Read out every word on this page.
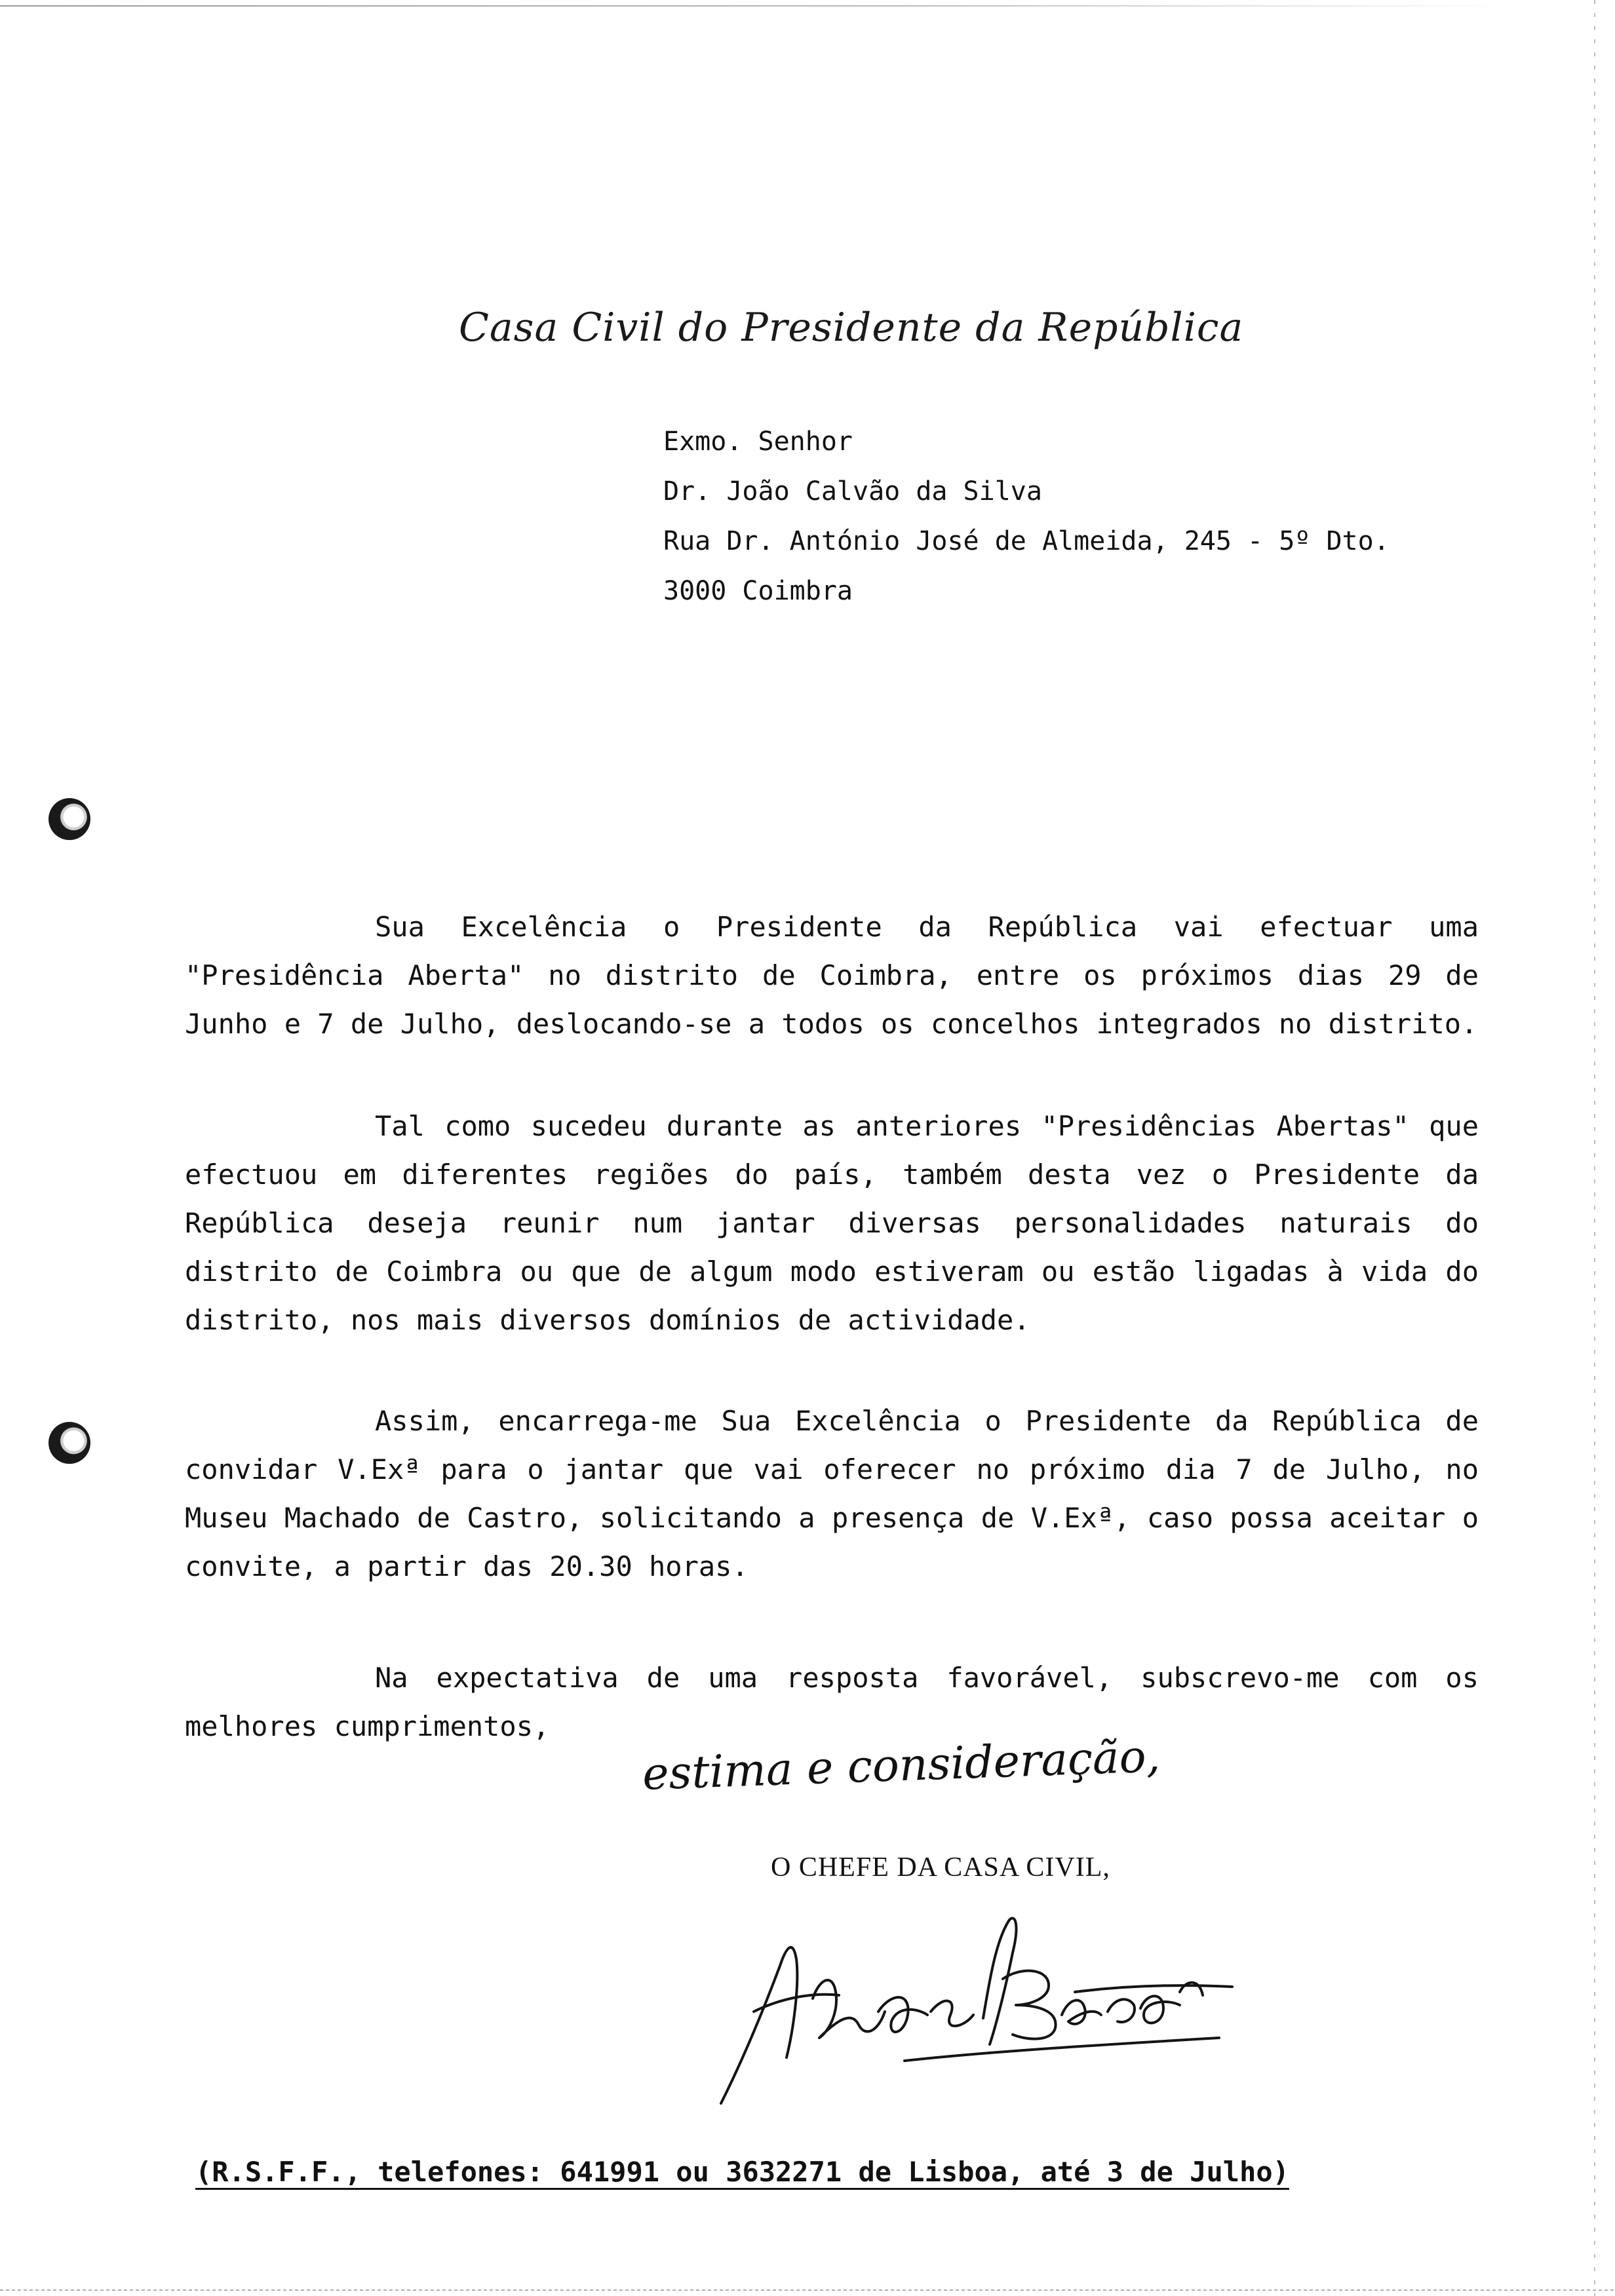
Casa Civil do Presidente da República
Exmo. Senhor
Dr. João Calvão da Silva
Rua Dr. António José de Almeida, 245 - 5º Dto.
3000 Coimbra

Sua Excelência o Presidente da República vai efectuar uma "Presidência Aberta" no distrito de Coimbra, entre os próximos dias 29 de Junho e 7 de Julho, deslocando-se a todos os concelhos integrados no distrito.

Tal como sucedeu durante as anteriores "Presidências Abertas" que efectuou em diferentes regiões do país, também desta vez o Presidente da República deseja reunir num jantar diversas personalidades naturais do distrito de Coimbra ou que de algum modo estiveram ou estão ligadas à vida do distrito, nos mais diversos domínios de actividade.

Assim, encarrega-me Sua Excelência o Presidente da República de convidar V.Exª para o jantar que vai oferecer no próximo dia 7 de Julho, no Museu Machado de Castro, solicitando a presença de V.Exª, caso possa aceitar o convite, a partir das 20.30 horas.

Na expectativa de uma resposta favorável, subscrevo-me com os melhores cumprimentos,

estima e consideração,
O CHEFE DA CASA CIVIL,
(R.S.F.F., telefones: 641991 ou 3632271 de Lisboa, até 3 de Julho)
